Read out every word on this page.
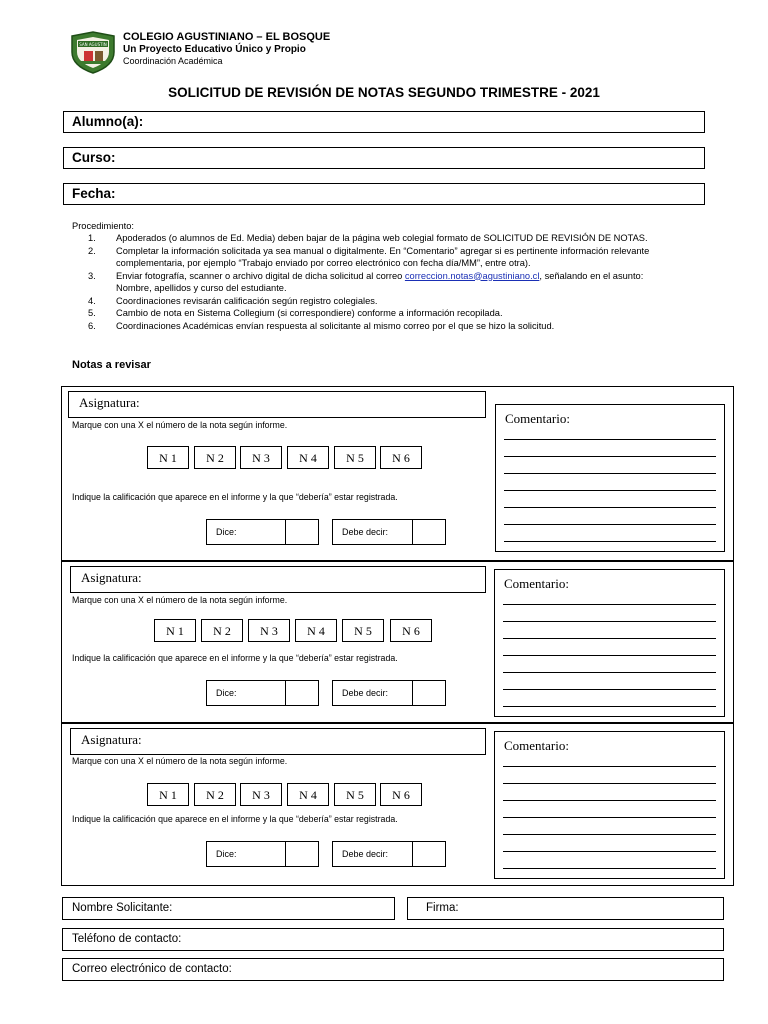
SAN AGUSTIN
COLEGIO AGUSTINIANO – EL BOSQUE
Un Proyecto Educativo Único y Propio
Coordinación Académica
SOLICITUD DE REVISIÓN DE NOTAS SEGUNDO TRIMESTRE - 2021
Alumno(a):
Curso:
Fecha:
Procedimiento:
1. Apoderados (o alumnos de Ed. Media) deben bajar de la página web colegial formato de SOLICITUD DE REVISIÓN DE NOTAS.
2. Completar la información solicitada ya sea manual o digitalmente. En “Comentario” agregar si es pertinente información relevante complementaria, por ejemplo “Trabajo enviado por correo electrónico con fecha día/MM”, entre otra).
3. Enviar fotografía, scanner o archivo digital de dicha solicitud al correo correccion.notas@agustiniano.cl, señalando en el asunto: Nombre, apellidos y curso del estudiante.
4. Coordinaciones revisarán calificación según registro colegiales.
5. Cambio de nota en Sistema Collegium (si correspondiere) conforme a información recopilada.
6. Coordinaciones Académicas envían respuesta al solicitante al mismo correo por el que se hizo la solicitud.
Notas a revisar
Asignatura:
Marque con una X el número de la nota según informe.
N 1	N 2	N 3	N 4	N 5	N 6
Indique la calificación que aparece en el informe y la que “debería” estar registrada.
Dice:	Debe decir:
Comentario:
Asignatura:
Marque con una X el número de la nota según informe.
N 1	N 2	N 3	N 4	N 5	N 6
Indique la calificación que aparece en el informe y la que “debería” estar registrada.
Dice:	Debe decir:
Comentario:
Asignatura:
Marque con una X el número de la nota según informe.
N 1	N 2	N 3	N 4	N 5	N 6
Indique la calificación que aparece en el informe y la que “debería” estar registrada.
Dice:	Debe decir:
Comentario:
Nombre Solicitante:	Firma:
Teléfono de contacto:
Correo electrónico de contacto:
